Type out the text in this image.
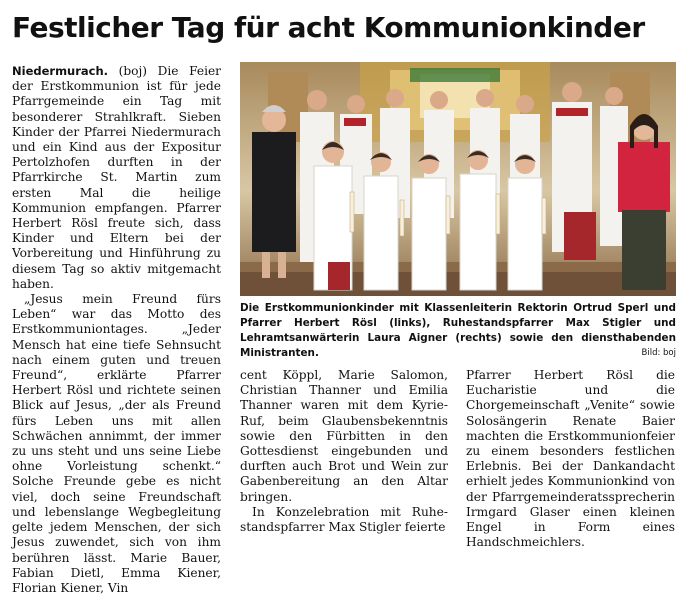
Festlicher Tag für acht Kommunionkinder

Niedermurach. (boj) Die Feier der Erstkommunion ist für jede Pfarrgemeinde ein Tag mit besonderer Strahlkraft. Sieben Kinder der Pfarrei Niedermurach und ein Kind aus der Expositur Pertolzhofen durften in der Pfarrkirche St. Martin zum ersten Mal die heilige Kommunion empfangen. Pfarrer Herbert Rösl freute sich, dass Kinder und Eltern bei der Vorbereitung und Hinführung zu diesem Tag so aktiv mitgemacht haben.

„Jesus mein Freund fürs Leben“ war das Motto des Erstkommuniontages. „Jeder Mensch hat eine tiefe Sehnsucht nach einem guten und treuen Freund“, erklärte Pfarrer Herbert Rösl und richtete seinen Blick auf Jesus, „der als Freund fürs Leben uns mit allen Schwächen annimmt, der immer zu uns steht und uns seine Liebe ohne Vorleistung schenkt.“ Solche Freunde gebe es nicht viel, doch seine Freundschaft und lebenslange Wegbegleitung gelte jedem Menschen, der sich Jesus zuwendet, sich von ihm berühren lässt. Marie Bauer, Fabian Dietl, Emma Kiener, Florian Kiener, Vin

Die Erstkommunionkinder mit Klassenleiterin Rektorin Ortrud Sperl und Pfarrer Herbert Rösl (links), Ruhestandspfarrer Max Stigler und Lehramtsanwärterin Laura Aigner (rechts) sowie den diensthabenden Ministranten.	Bild: boj

cent Köppl, Marie Salomon, Christian Thanner und Emilia Thanner waren mit dem Kyrie-Ruf, beim Glaubensbekenntnis sowie den Fürbitten in den Gottesdienst eingebunden und durften auch Brot und Wein zur Gabenbereitung an den Altar bringen.

In Konzelebration mit Ruhestandspfarrer Max Stigler feierte

Pfarrer Herbert Rösl die Eucharistie und die Chorgemeinschaft „Venite“ sowie Solosängerin Renate Baier machten die Erstkommunionfeier zu einem besonders festlichen Erlebnis. Bei der Dankandacht erhielt jedes Kommunionkind von der Pfarrgemeinderatssprecherin Irmgard Glaser einen kleinen Engel in Form eines Handschmeichlers.
